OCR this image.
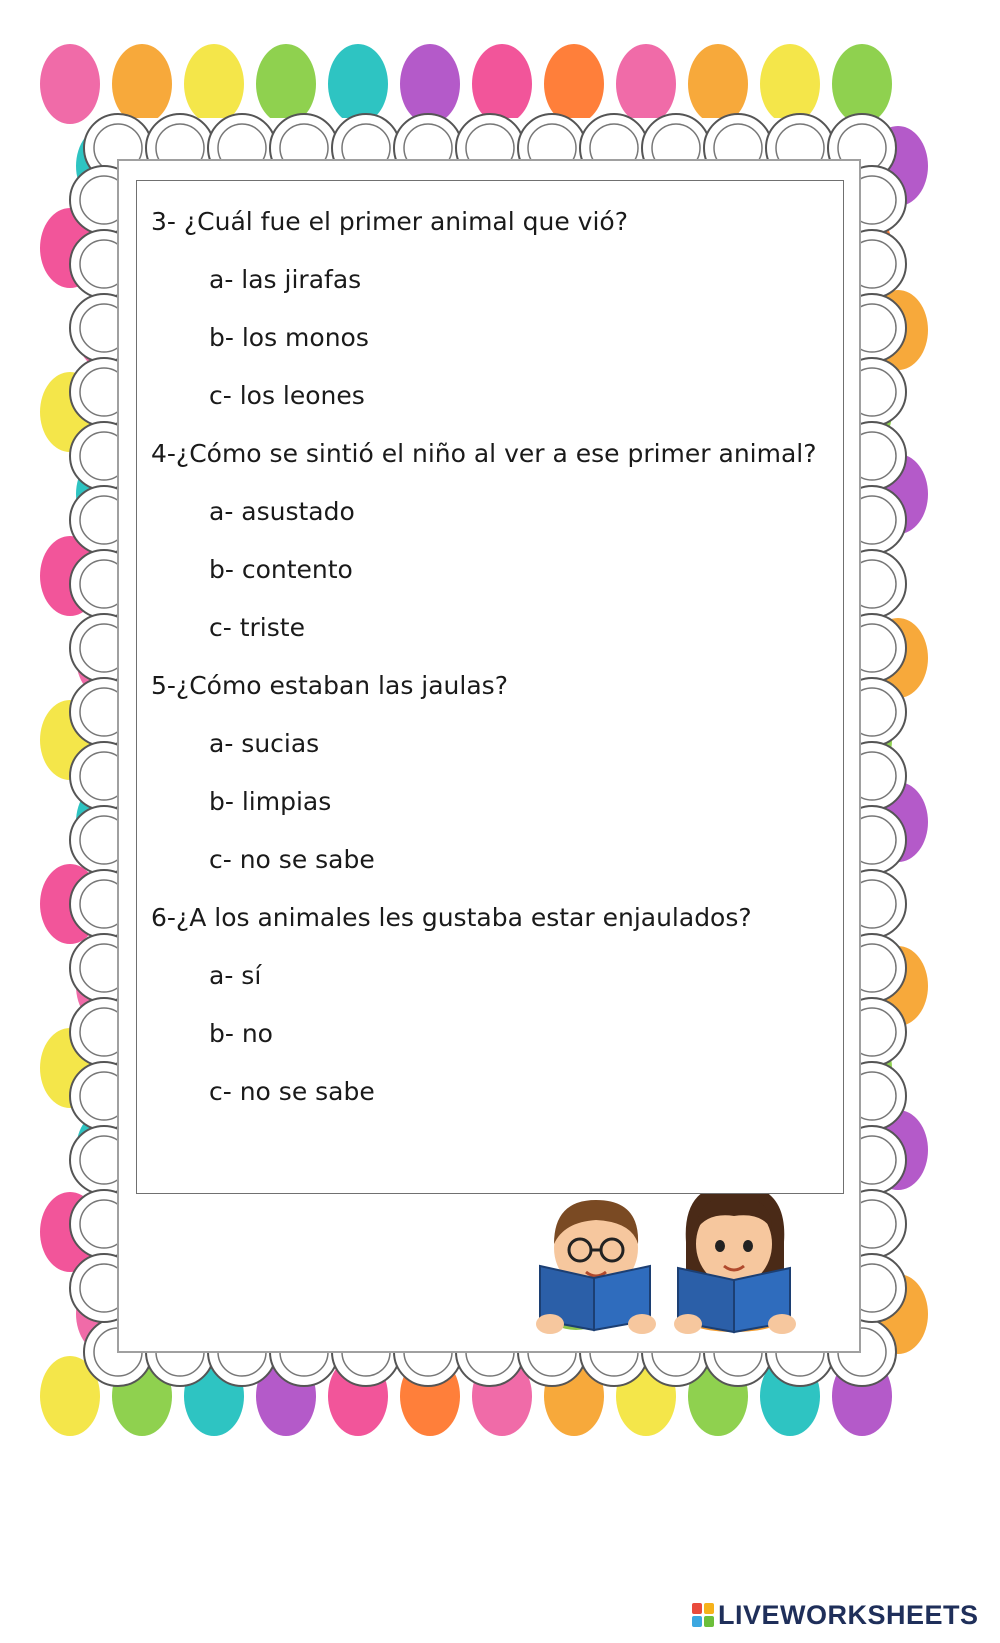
3- ¿Cuál fue el primer animal que vió?
a- las jirafas
b- los monos
c- los leones
4-¿Cómo se sintió el niño al ver a ese primer animal?
a- asustado
b- contento
c- triste
5-¿Cómo estaban las jaulas?
a- sucias
b- limpias
c- no se sabe
6-¿A los animales les gustaba estar enjaulados?
a- sí
b- no
c- no se sabe
LIVEWORKSHEETS
